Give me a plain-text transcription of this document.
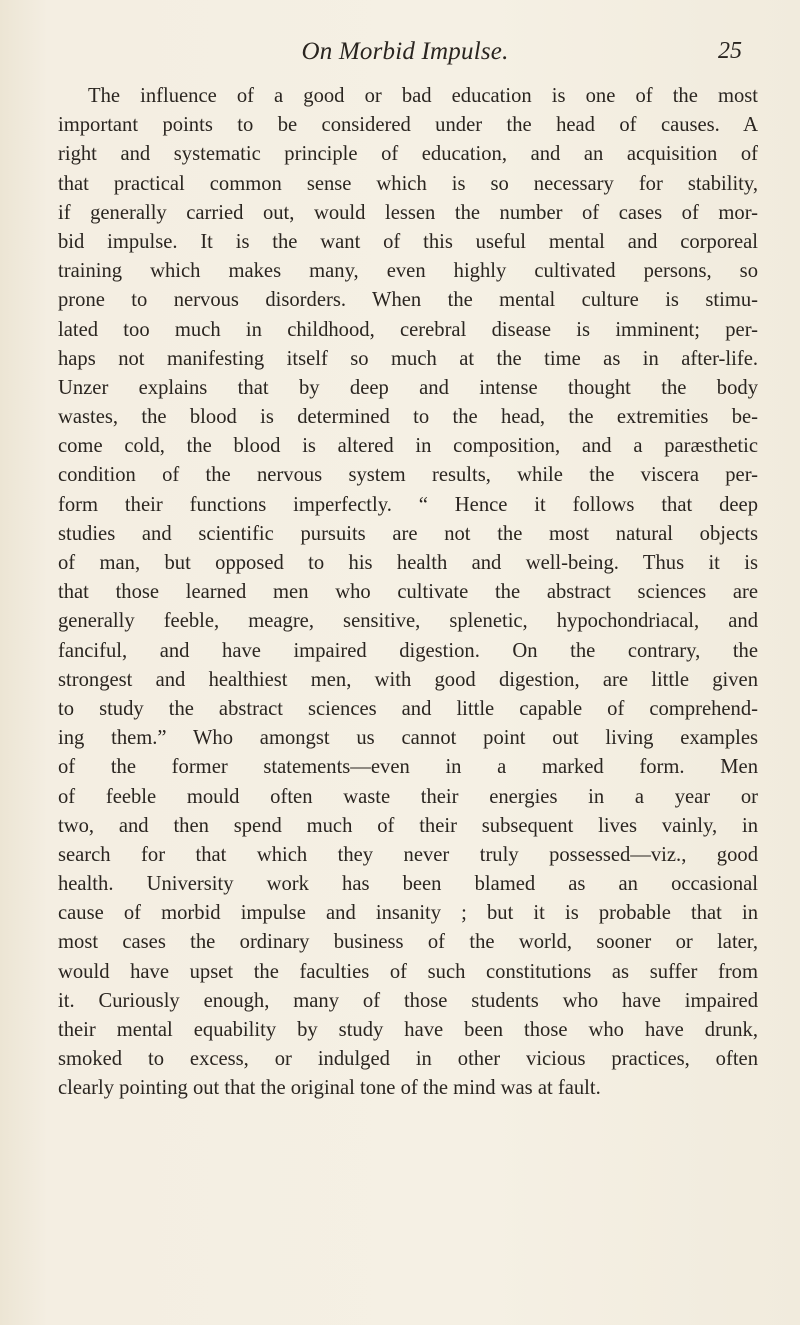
On Morbid Impulse.	25
The influence of a good or bad education is one of the most
important points to be considered under the head of causes. A
right and systematic principle of education, and an acquisition of
that practical common sense which is so necessary for stability,
if generally carried out, would lessen the number of cases of mor-
bid impulse. It is the want of this useful mental and corporeal
training which makes many, even highly cultivated persons, so
prone to nervous disorders. When the mental culture is stimu-
lated too much in childhood, cerebral disease is imminent; per-
haps not manifesting itself so much at the time as in after-life.
Unzer explains that by deep and intense thought the body
wastes, the blood is determined to the head, the extremities be-
come cold, the blood is altered in composition, and a paræsthetic
condition of the nervous system results, while the viscera per-
form their functions imperfectly. “ Hence it follows that deep
studies and scientific pursuits are not the most natural objects
of man, but opposed to his health and well-being. Thus it is
that those learned men who cultivate the abstract sciences are
generally feeble, meagre, sensitive, splenetic, hypochondriacal, and
fanciful, and have impaired digestion. On the contrary, the
strongest and healthiest men, with good digestion, are little given
to study the abstract sciences and little capable of comprehend-
ing them.” Who amongst us cannot point out living examples
of the former statements—even in a marked form. Men
of feeble mould often waste their energies in a year or
two, and then spend much of their subsequent lives vainly, in
search for that which they never truly possessed—viz., good
health. University work has been blamed as an occasional
cause of morbid impulse and insanity ; but it is probable that in
most cases the ordinary business of the world, sooner or later,
would have upset the faculties of such constitutions as suffer from
it. Curiously enough, many of those students who have impaired
their mental equability by study have been those who have drunk,
smoked to excess, or indulged in other vicious practices, often
clearly pointing out that the original tone of the mind was at fault.
